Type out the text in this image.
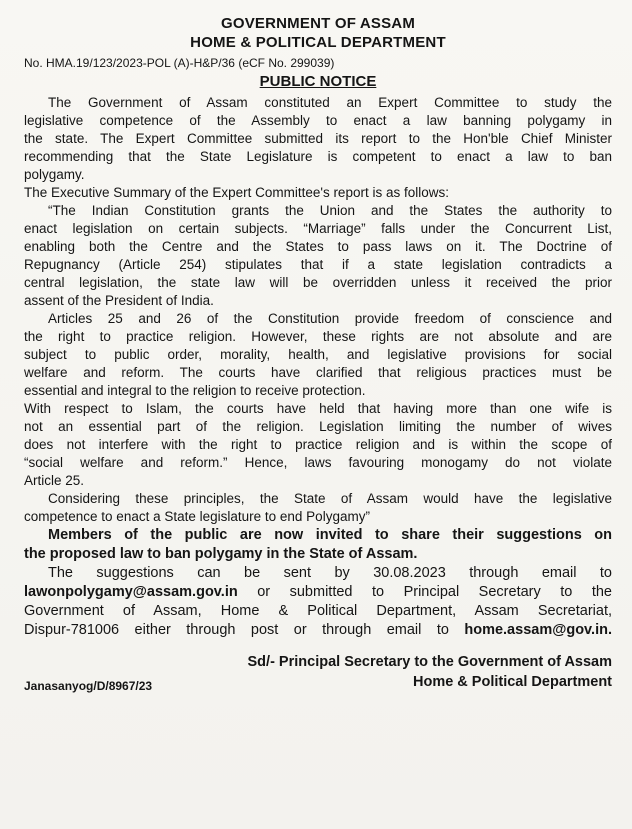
GOVERNMENT OF ASSAM
HOME & POLITICAL DEPARTMENT
No. HMA.19/123/2023-POL (A)-H&P/36 (eCF No. 299039)
PUBLIC NOTICE
The Government of Assam constituted an Expert Committee to study the
legislative competence of the Assembly to enact a law banning polygamy in
the state. The Expert Committee submitted its report to the Hon'ble Chief Minister
recommending that the State Legislature is competent to enact a law to ban
polygamy.
The Executive Summary of the Expert Committee's report is as follows:
“The Indian Constitution grants the Union and the States the authority to
enact legislation on certain subjects. “Marriage” falls under the Concurrent List,
enabling both the Centre and the States to pass laws on it. The Doctrine of
Repugnancy (Article 254) stipulates that if a state legislation contradicts a
central legislation, the state law will be overridden unless it received the prior
assent of the President of India.
Articles 25 and 26 of the Constitution provide freedom of conscience and
the right to practice religion. However, these rights are not absolute and are
subject to public order, morality, health, and legislative provisions for social
welfare and reform. The courts have clarified that religious practices must be
essential and integral to the religion to receive protection.
With respect to Islam, the courts have held that having more than one wife is
not an essential part of the religion. Legislation limiting the number of wives
does not interfere with the right to practice religion and is within the scope of
“social welfare and reform.” Hence, laws favouring monogamy do not violate
Article 25.
Considering these principles, the State of Assam would have the legislative
competence to enact a State legislature to end Polygamy”
Members of the public are now invited to share their suggestions on
the proposed law to ban polygamy in the State of Assam.
The suggestions can be sent by 30.08.2023 through email to
lawonpolygamy@assam.gov.in or submitted to Principal Secretary to the
Government of Assam, Home & Political Department, Assam Secretariat,
Dispur-781006 either through post or through email to home.assam@gov.in.
Sd/- Principal Secretary to the Government of Assam
Home & Political Department
Janasanyog/D/8967/23
